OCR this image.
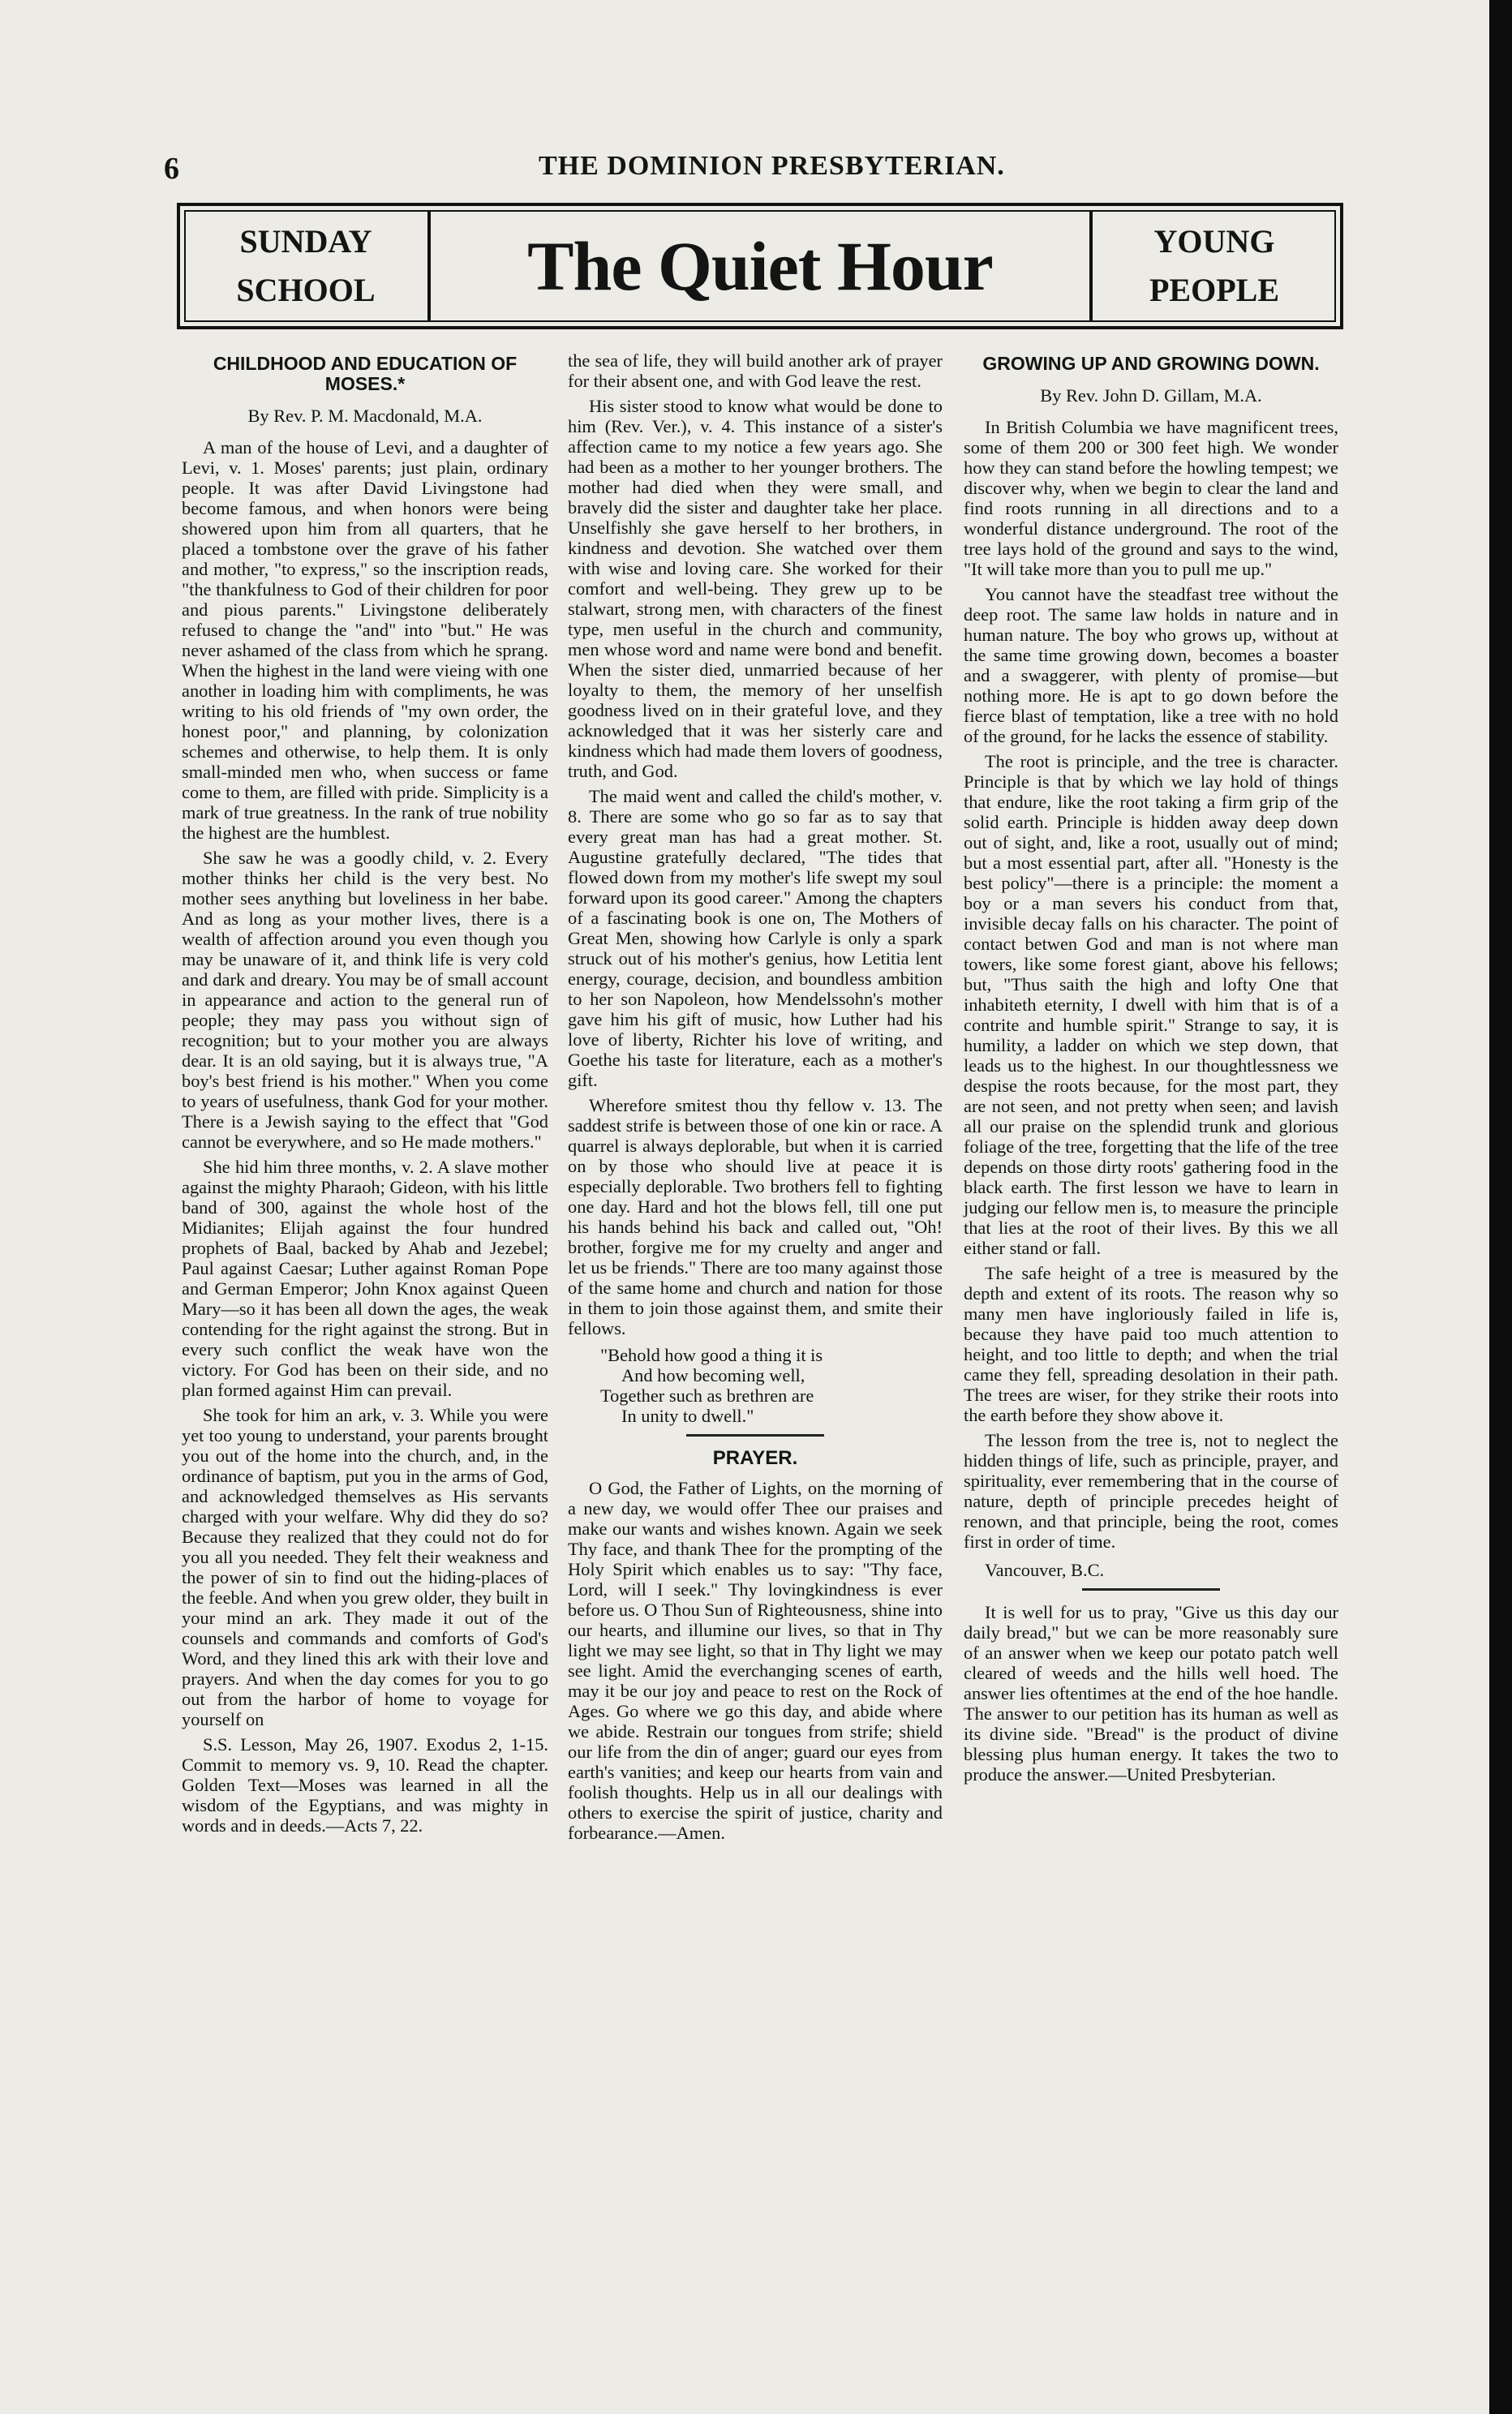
6	THE DOMINION PRESBYTERIAN.
SUNDAY
SCHOOL	The Quiet Hour	YOUNG
PEOPLE
CHILDHOOD AND EDUCATION OF MOSES.*
By Rev. P. M. Macdonald, M.A.

A man of the house of Levi, and a daughter of Levi, v. 1. Moses' parents; just plain, ordinary people. It was after David Livingstone had become famous, and when honors were being showered upon him from all quarters, that he placed a tombstone over the grave of his father and mother, "to express," so the inscription reads, "the thankfulness to God of their children for poor and pious parents." Livingstone deliberately refused to change the "and" into "but." He was never ashamed of the class from which he sprang. When the highest in the land were vieing with one another in loading him with compliments, he was writing to his old friends of "my own order, the honest poor," and planning, by colonization schemes and otherwise, to help them. It is only small-minded men who, when success or fame come to them, are filled with pride. Simplicity is a mark of true greatness. In the rank of true nobility the highest are the humblest.

She saw he was a goodly child, v. 2. Every mother thinks her child is the very best. No mother sees anything but loveliness in her babe. And as long as your mother lives, there is a wealth of affection around you even though you may be unaware of it, and think life is very cold and dark and dreary. You may be of small account in appearance and action to the general run of people; they may pass you without sign of recognition; but to your mother you are always dear. It is an old saying, but it is always true, "A boy's best friend is his mother." When you come to years of usefulness, thank God for your mother. There is a Jewish saying to the effect that "God cannot be everywhere, and so He made mothers."

She hid him three months, v. 2. A slave mother against the mighty Pharaoh; Gideon, with his little band of 300, against the whole host of the Midianites; Elijah against the four hundred prophets of Baal, backed by Ahab and Jezebel; Paul against Caesar; Luther against Roman Pope and German Emperor; John Knox against Queen Mary—so it has been all down the ages, the weak contending for the right against the strong. But in every such conflict the weak have won the victory. For God has been on their side, and no plan formed against Him can prevail.

She took for him an ark, v. 3. While you were yet too young to understand, your parents brought you out of the home into the church, and, in the ordinance of baptism, put you in the arms of God, and acknowledged themselves as His servants charged with your welfare. Why did they do so? Because they realized that they could not do for you all you needed. They felt their weakness and the power of sin to find out the hiding-places of the feeble. And when you grew older, they built in your mind an ark. They made it out of the counsels and commands and comforts of God's Word, and they lined this ark with their love and prayers. And when the day comes for you to go out from the harbor of home to voyage for yourself on

S.S. Lesson, May 26, 1907. Exodus 2, 1-15. Commit to memory vs. 9, 10. Read the chapter. Golden Text—Moses was learned in all the wisdom of the Egyptians, and was mighty in words and in deeds.—Acts 7, 22.

the sea of life, they will build another ark of prayer for their absent one, and with God leave the rest.

His sister stood to know what would be done to him (Rev. Ver.), v. 4. This instance of a sister's affection came to my notice a few years ago. She had been as a mother to her younger brothers. The mother had died when they were small, and bravely did the sister and daughter take her place. Unselfishly she gave herself to her brothers, in kindness and devotion. She watched over them with wise and loving care. She worked for their comfort and well-being. They grew up to be stalwart, strong men, with characters of the finest type, men useful in the church and community, men whose word and name were bond and benefit. When the sister died, unmarried because of her loyalty to them, the memory of her unselfish goodness lived on in their grateful love, and they acknowledged that it was her sisterly care and kindness which had made them lovers of goodness, truth, and God.

The maid went and called the child's mother, v. 8. There are some who go so far as to say that every great man has had a great mother. St. Augustine gratefully declared, "The tides that flowed down from my mother's life swept my soul forward upon its good career." Among the chapters of a fascinating book is one on, The Mothers of Great Men, showing how Carlyle is only a spark struck out of his mother's genius, how Letitia lent energy, courage, decision, and boundless ambition to her son Napoleon, how Mendelssohn's mother gave him his gift of music, how Luther had his love of liberty, Richter his love of writing, and Goethe his taste for literature, each as a mother's gift.

Wherefore smitest thou thy fellow v. 13. The saddest strife is between those of one kin or race. A quarrel is always deplorable, but when it is carried on by those who should live at peace it is especially deplorable. Two brothers fell to fighting one day. Hard and hot the blows fell, till one put his hands behind his back and called out, "Oh! brother, forgive me for my cruelty and anger and let us be friends." There are too many against those of the same home and church and nation for those in them to join those against them, and smite their fellows.

"Behold how good a thing it is
And how becoming well,
Together such as brethren are
In unity to dwell."
PRAYER.

O God, the Father of Lights, on the morning of a new day, we would offer Thee our praises and make our wants and wishes known. Again we seek Thy face, and thank Thee for the prompting of the Holy Spirit which enables us to say: "Thy face, Lord, will I seek." Thy lovingkindness is ever before us. O Thou Sun of Righteousness, shine into our hearts, and illumine our lives, so that in Thy light we may see light, so that in Thy light we may see light. Amid the everchanging scenes of earth, may it be our joy and peace to rest on the Rock of Ages. Go where we go this day, and abide where we abide. Restrain our tongues from strife; shield our life from the din of anger; guard our eyes from earth's vanities; and keep our hearts from vain and foolish thoughts. Help us in all our dealings with others to exercise the spirit of justice, charity and forbearance.—Amen.

GROWING UP AND GROWING DOWN.
By Rev. John D. Gillam, M.A.

In British Columbia we have magnificent trees, some of them 200 or 300 feet high. We wonder how they can stand before the howling tempest; we discover why, when we begin to clear the land and find roots running in all directions and to a wonderful distance underground. The root of the tree lays hold of the ground and says to the wind, "It will take more than you to pull me up."

You cannot have the steadfast tree without the deep root. The same law holds in nature and in human nature. The boy who grows up, without at the same time growing down, becomes a boaster and a swaggerer, with plenty of promise—but nothing more. He is apt to go down before the fierce blast of temptation, like a tree with no hold of the ground, for he lacks the essence of stability.

The root is principle, and the tree is character. Principle is that by which we lay hold of things that endure, like the root taking a firm grip of the solid earth. Principle is hidden away deep down out of sight, and, like a root, usually out of mind; but a most essential part, after all. "Honesty is the best policy"—there is a principle: the moment a boy or a man severs his conduct from that, invisible decay falls on his character. The point of contact betwen God and man is not where man towers, like some forest giant, above his fellows; but, "Thus saith the high and lofty One that inhabiteth eternity, I dwell with him that is of a contrite and humble spirit." Strange to say, it is humility, a ladder on which we step down, that leads us to the highest. In our thoughtlessness we despise the roots because, for the most part, they are not seen, and not pretty when seen; and lavish all our praise on the splendid trunk and glorious foliage of the tree, forgetting that the life of the tree depends on those dirty roots' gathering food in the black earth. The first lesson we have to learn in judging our fellow men is, to measure the principle that lies at the root of their lives. By this we all either stand or fall.

The safe height of a tree is measured by the depth and extent of its roots. The reason why so many men have ingloriously failed in life is, because they have paid too much attention to height, and too little to depth; and when the trial came they fell, spreading desolation in their path. The trees are wiser, for they strike their roots into the earth before they show above it.

The lesson from the tree is, not to neglect the hidden things of life, such as principle, prayer, and spirituality, ever remembering that in the course of nature, depth of principle precedes height of renown, and that principle, being the root, comes first in order of time.

Vancouver, B.C.

It is well for us to pray, "Give us this day our daily bread," but we can be more reasonably sure of an answer when we keep our potato patch well cleared of weeds and the hills well hoed. The answer lies oftentimes at the end of the hoe handle. The answer to our petition has its human as well as its divine side. "Bread" is the product of divine blessing plus human energy. It takes the two to produce the answer.—United Presbyterian.
